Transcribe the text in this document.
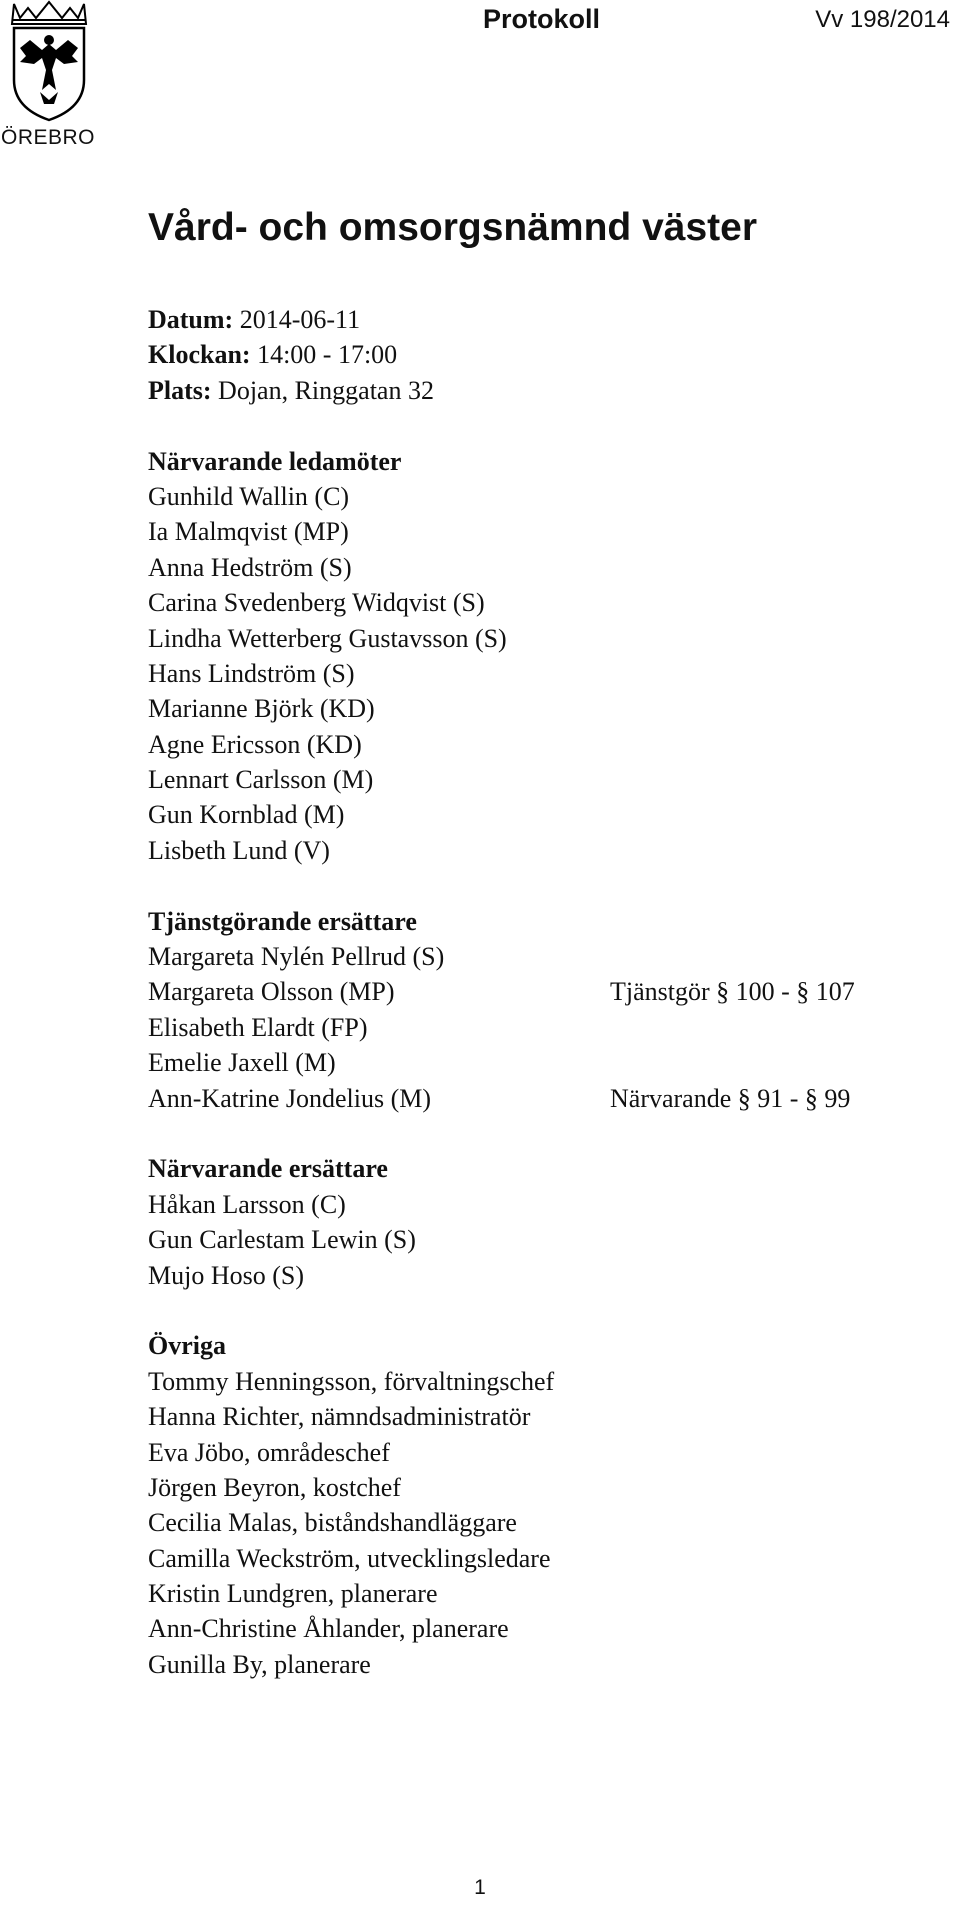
ÖREBRO
Protokoll	Vv 198/2014
Vård- och omsorgsnämnd väster
Datum: 2014-06-11
Klockan: 14:00 - 17:00
Plats: Dojan, Ringgatan 32
Närvarande ledamöter
Gunhild Wallin (C)
Ia Malmqvist (MP)
Anna Hedström (S)
Carina Svedenberg Widqvist (S)
Lindha Wetterberg Gustavsson (S)
Hans Lindström (S)
Marianne Björk (KD)
Agne Ericsson (KD)
Lennart Carlsson (M)
Gun Kornblad (M)
Lisbeth Lund (V)
Tjänstgörande ersättare
Margareta Nylén Pellrud (S)
Margareta Olsson (MP)	Tjänstgör § 100 - § 107
Elisabeth Elardt (FP)
Emelie Jaxell (M)
Ann-Katrine Jondelius (M)	Närvarande § 91 - § 99
Närvarande ersättare
Håkan Larsson (C)
Gun Carlestam Lewin (S)
Mujo Hoso (S)
Övriga
Tommy Henningsson, förvaltningschef
Hanna Richter, nämndsadministratör
Eva Jöbo, områdeschef
Jörgen Beyron, kostchef
Cecilia Malas, biståndshandläggare
Camilla Weckström, utvecklingsledare
Kristin Lundgren, planerare
Ann-Christine Åhlander, planerare
Gunilla By, planerare
1
